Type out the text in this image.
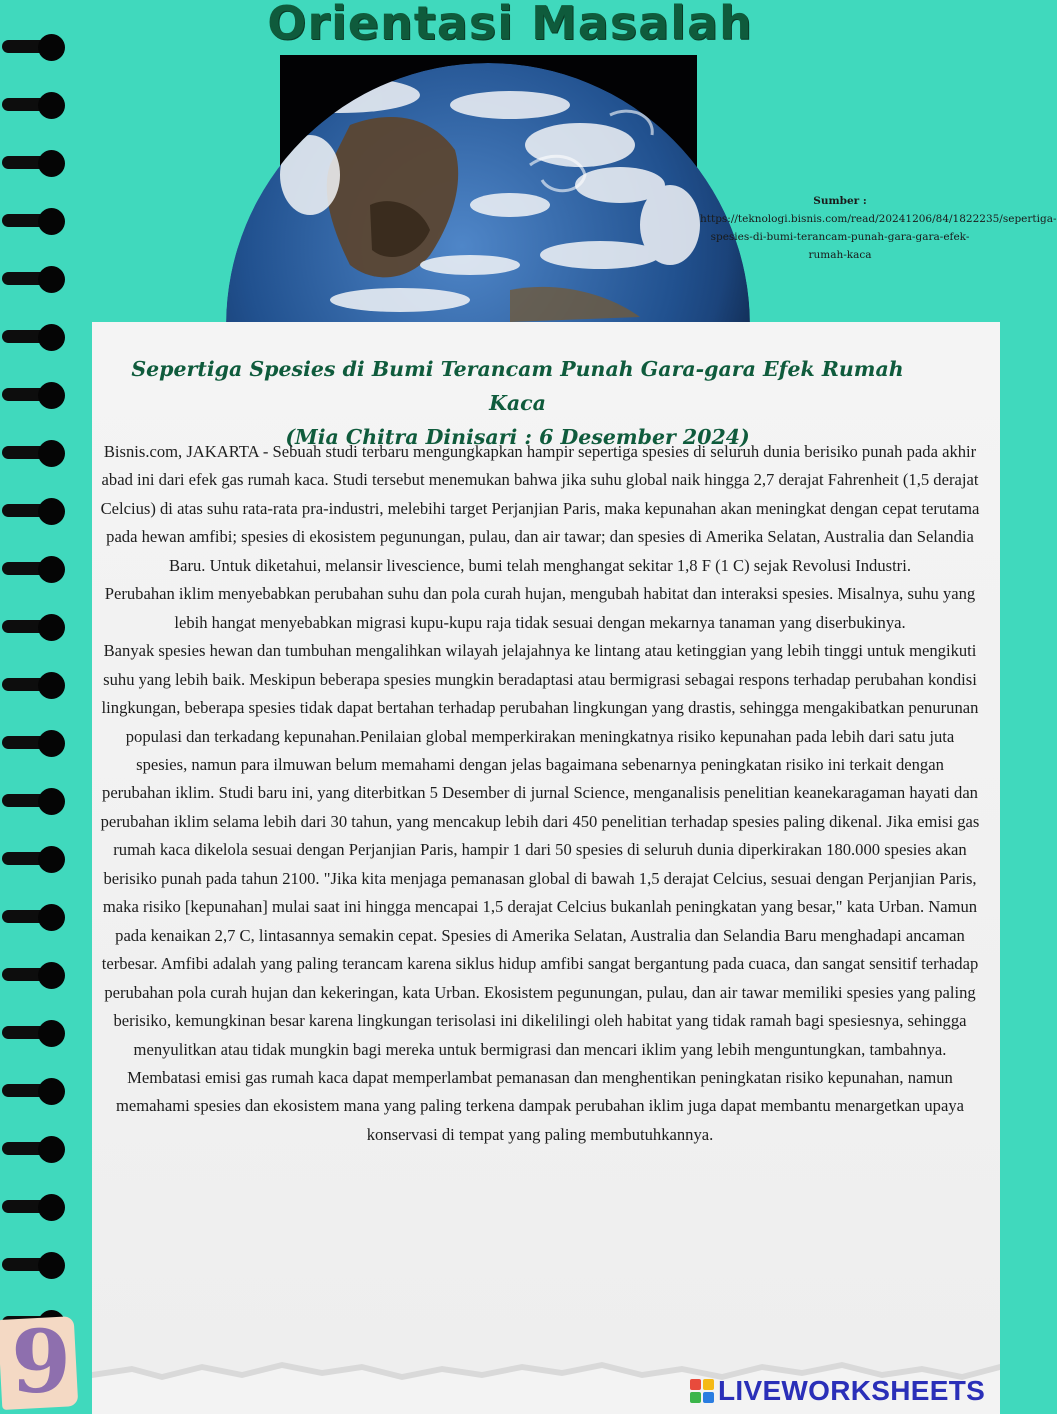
Orientasi Masalah
Sumber :
https://teknologi.bisnis.com/read/20241206/84/1822235/sepertiga-spesies-di-bumi-terancam-punah-gara-gara-efek-rumah-kaca
Sepertiga Spesies di Bumi Terancam Punah Gara-gara Efek Rumah Kaca
(Mia Chitra Dinisari : 6 Desember 2024)

Bisnis.com, JAKARTA - Sebuah studi terbaru mengungkapkan hampir sepertiga spesies di seluruh dunia berisiko punah pada akhir abad ini dari efek gas rumah kaca. Studi tersebut menemukan bahwa jika suhu global naik hingga 2,7 derajat Fahrenheit (1,5 derajat Celcius) di atas suhu rata-rata pra-industri, melebihi target Perjanjian Paris, maka kepunahan akan meningkat dengan cepat terutama pada hewan amfibi; spesies di ekosistem pegunungan, pulau, dan air tawar; dan spesies di Amerika Selatan, Australia dan Selandia Baru. Untuk diketahui, melansir livescience, bumi telah menghangat sekitar 1,8 F (1 C) sejak Revolusi Industri.

Perubahan iklim menyebabkan perubahan suhu dan pola curah hujan, mengubah habitat dan interaksi spesies. Misalnya, suhu yang lebih hangat menyebabkan migrasi kupu-kupu raja tidak sesuai dengan mekarnya tanaman yang diserbukinya.

Banyak spesies hewan dan tumbuhan mengalihkan wilayah jelajahnya ke lintang atau ketinggian yang lebih tinggi untuk mengikuti suhu yang lebih baik. Meskipun beberapa spesies mungkin beradaptasi atau bermigrasi sebagai respons terhadap perubahan kondisi lingkungan, beberapa spesies tidak dapat bertahan terhadap perubahan lingkungan yang drastis, sehingga mengakibatkan penurunan populasi dan terkadang kepunahan.Penilaian global memperkirakan meningkatnya risiko kepunahan pada lebih dari satu juta spesies, namun para ilmuwan belum memahami dengan jelas bagaimana sebenarnya peningkatan risiko ini terkait dengan perubahan iklim. Studi baru ini, yang diterbitkan 5 Desember di jurnal Science, menganalisis penelitian keanekaragaman hayati dan perubahan iklim selama lebih dari 30 tahun, yang mencakup lebih dari 450 penelitian terhadap spesies paling dikenal. Jika emisi gas rumah kaca dikelola sesuai dengan Perjanjian Paris, hampir 1 dari 50 spesies di seluruh dunia diperkirakan 180.000 spesies akan berisiko punah pada tahun 2100. "Jika kita menjaga pemanasan global di bawah 1,5 derajat Celcius, sesuai dengan Perjanjian Paris, maka risiko [kepunahan] mulai saat ini hingga mencapai 1,5 derajat Celcius bukanlah peningkatan yang besar," kata Urban. Namun pada kenaikan 2,7 C, lintasannya semakin cepat. Spesies di Amerika Selatan, Australia dan Selandia Baru menghadapi ancaman terbesar. Amfibi adalah yang paling terancam karena siklus hidup amfibi sangat bergantung pada cuaca, dan sangat sensitif terhadap perubahan pola curah hujan dan kekeringan, kata Urban. Ekosistem pegunungan, pulau, dan air tawar memiliki spesies yang paling berisiko, kemungkinan besar karena lingkungan terisolasi ini dikelilingi oleh habitat yang tidak ramah bagi spesiesnya, sehingga menyulitkan atau tidak mungkin bagi mereka untuk bermigrasi dan mencari iklim yang lebih menguntungkan, tambahnya. Membatasi emisi gas rumah kaca dapat memperlambat pemanasan dan menghentikan peningkatan risiko kepunahan, namun memahami spesies dan ekosistem mana yang paling terkena dampak perubahan iklim juga dapat membantu menargetkan upaya konservasi di tempat yang paling membutuhkannya.

9	LIVEWORKSHEETS
